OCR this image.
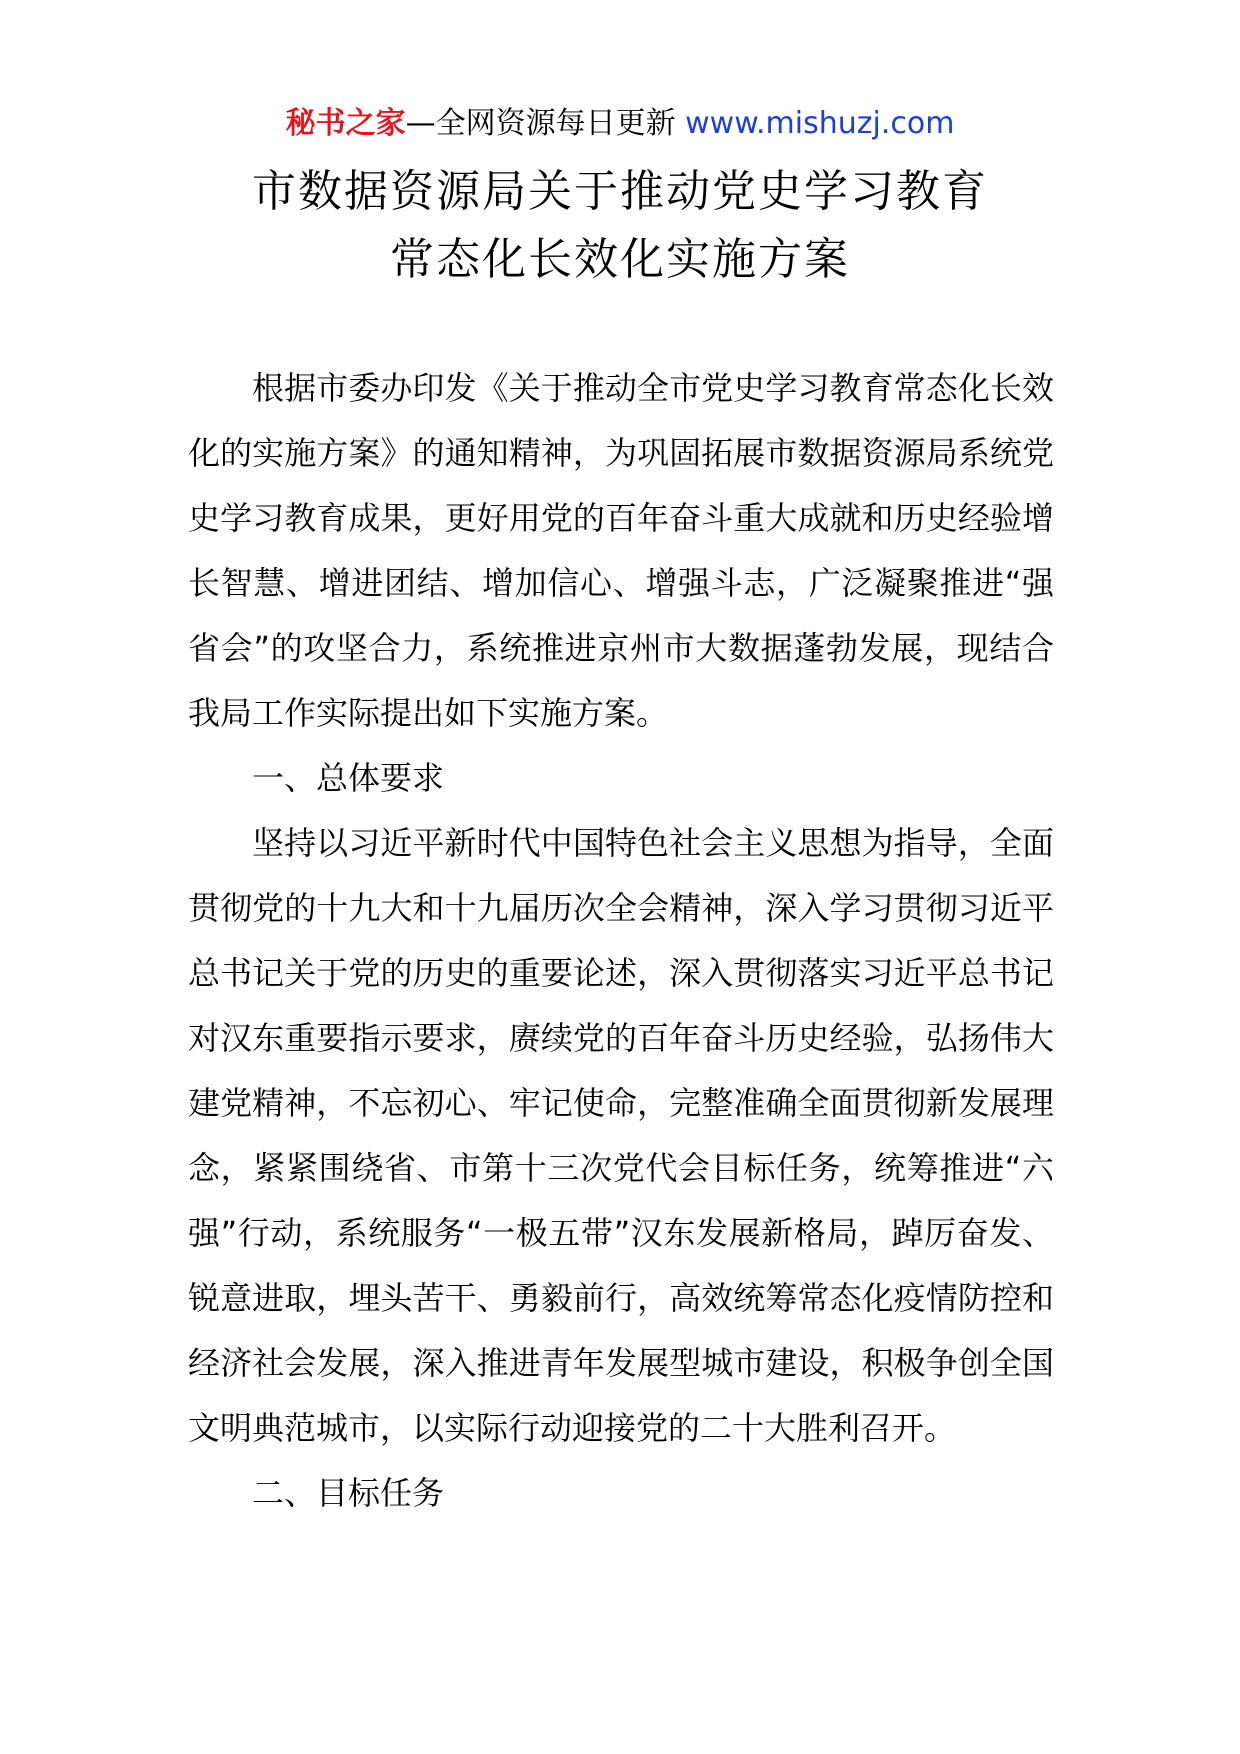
秘书之家—全网资源每日更新 www.mishuzj.com
市数据资源局关于推动党史学习教育
常态化长效化实施方案

根据市委办印发《关于推动全市党史学习教育常态化长效化的实施方案》的通知精神，为巩固拓展市数据资源局系统党史学习教育成果，更好用党的百年奋斗重大成就和历史经验增长智慧、增进团结、增加信心、增强斗志，广泛凝聚推进“强省会”的攻坚合力，系统推进京州市大数据蓬勃发展，现结合我局工作实际提出如下实施方案。

一、总体要求

坚持以习近平新时代中国特色社会主义思想为指导，全面贯彻党的十九大和十九届历次全会精神，深入学习贯彻习近平总书记关于党的历史的重要论述，深入贯彻落实习近平总书记对汉东重要指示要求，赓续党的百年奋斗历史经验，弘扬伟大建党精神，不忘初心、牢记使命，完整准确全面贯彻新发展理念，紧紧围绕省、市第十三次党代会目标任务，统筹推进“六强”行动，系统服务“一极五带”汉东发展新格局，踔厉奋发、锐意进取，埋头苦干、勇毅前行，高效统筹常态化疫情防控和经济社会发展，深入推进青年发展型城市建设，积极争创全国文明典范城市，以实际行动迎接党的二十大胜利召开。

二、目标任务
